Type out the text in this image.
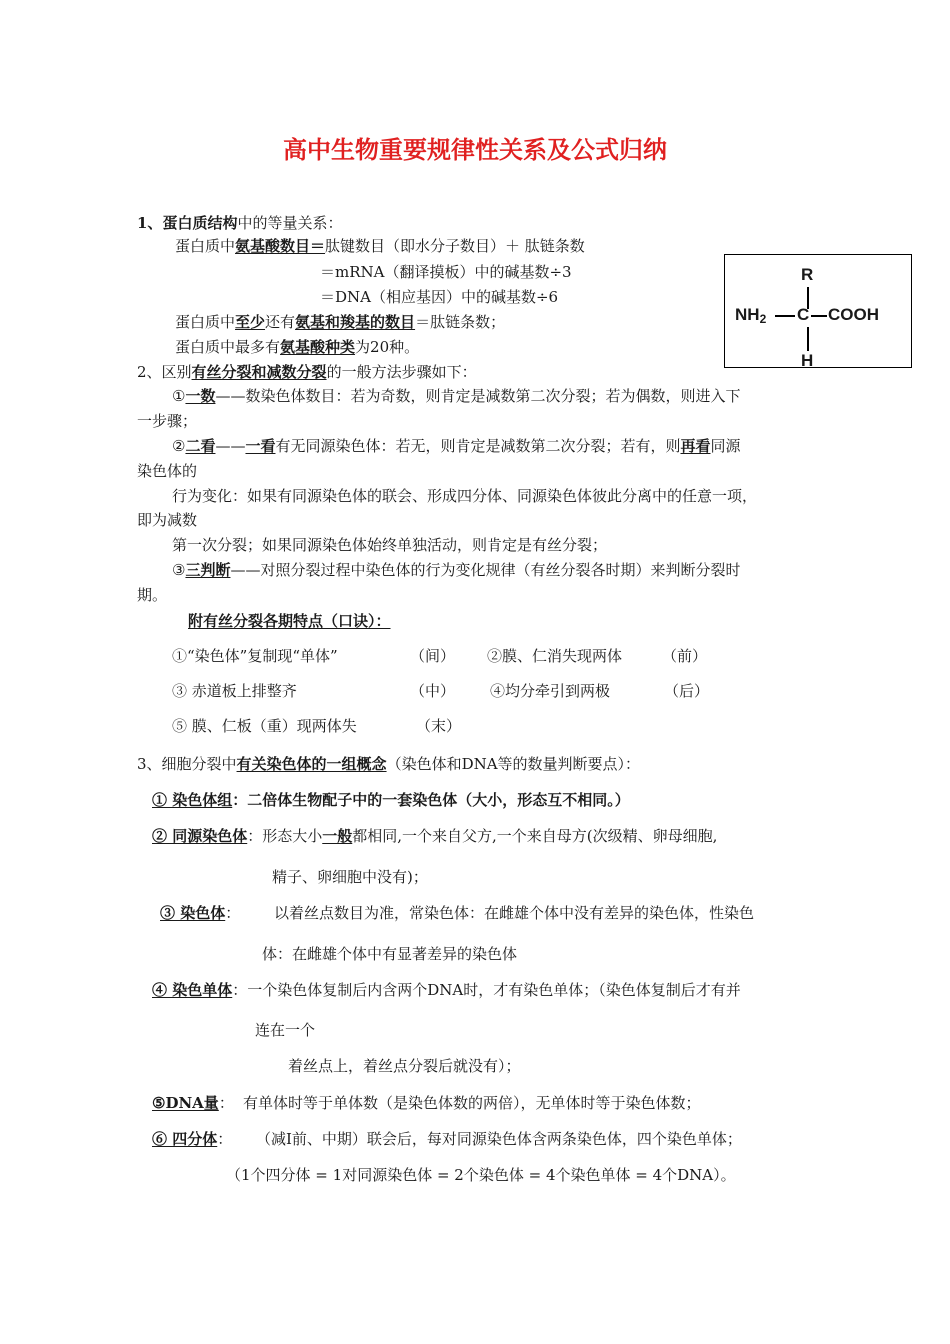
高中生物重要规律性关系及公式归纳
1、蛋白质结构中的等量关系：
蛋白质中氨基酸数目＝肽键数目（即水分子数目）＋ 肽链条数
＝mRNA（翻译摸板）中的碱基数÷3
＝DNA（相应基因）中的碱基数÷6
蛋白质中至少还有氨基和羧基的数目＝肽链条数；
蛋白质中最多有氨基酸种类为20种。
R
NH2 C COOH
H
2、区别有丝分裂和减数分裂的一般方法步骤如下：
①一数——数染色体数目：若为奇数，则肯定是减数第二次分裂；若为偶数，则进入下
一步骤；
②二看——一看有无同源染色体：若无，则肯定是减数第二次分裂；若有，则再看同源
染色体的
行为变化：如果有同源染色体的联会、形成四分体、同源染色体彼此分离中的任意一项，
即为减数
第一次分裂；如果同源染色体始终单独活动，则肯定是有丝分裂；
③三判断——对照分裂过程中染色体的行为变化规律（有丝分裂各时期）来判断分裂时
期。
附有丝分裂各期特点（口诀）：
①“染色体”复制现“单体”	（间） ②膜、仁消失现两体	（前）
③ 赤道板上排整齐	（中） ④均分牵引到两极	（后）
⑤ 膜、仁板（重）现两体失	（末）
3、细胞分裂中有关染色体的一组概念（染色体和DNA等的数量判断要点）：
① 染色体组：二倍体生物配子中的一套染色体（大小，形态互不相同。）
② 同源染色体：形态大小一般都相同,一个来自父方,一个来自母方(次级精、卵母细胞,
精子、卵细胞中没有)；
③ 染色体： 以着丝点数目为准，常染色体：在雌雄个体中没有差异的染色体，性染色
体：在雌雄个体中有显著差异的染色体
④ 染色单体：一个染色体复制后内含两个DNA时，才有染色单体；（染色体复制后才有并
连在一个
着丝点上，着丝点分裂后就没有）；
⑤DNA量： 有单体时等于单体数（是染色体数的两倍），无单体时等于染色体数；
⑥ 四分体： （减Ⅰ前、中期）联会后，每对同源染色体含两条染色体，四个染色单体；
（1个四分体 = 1对同源染色体 = 2个染色体 = 4个染色单体 = 4个DNA）。
